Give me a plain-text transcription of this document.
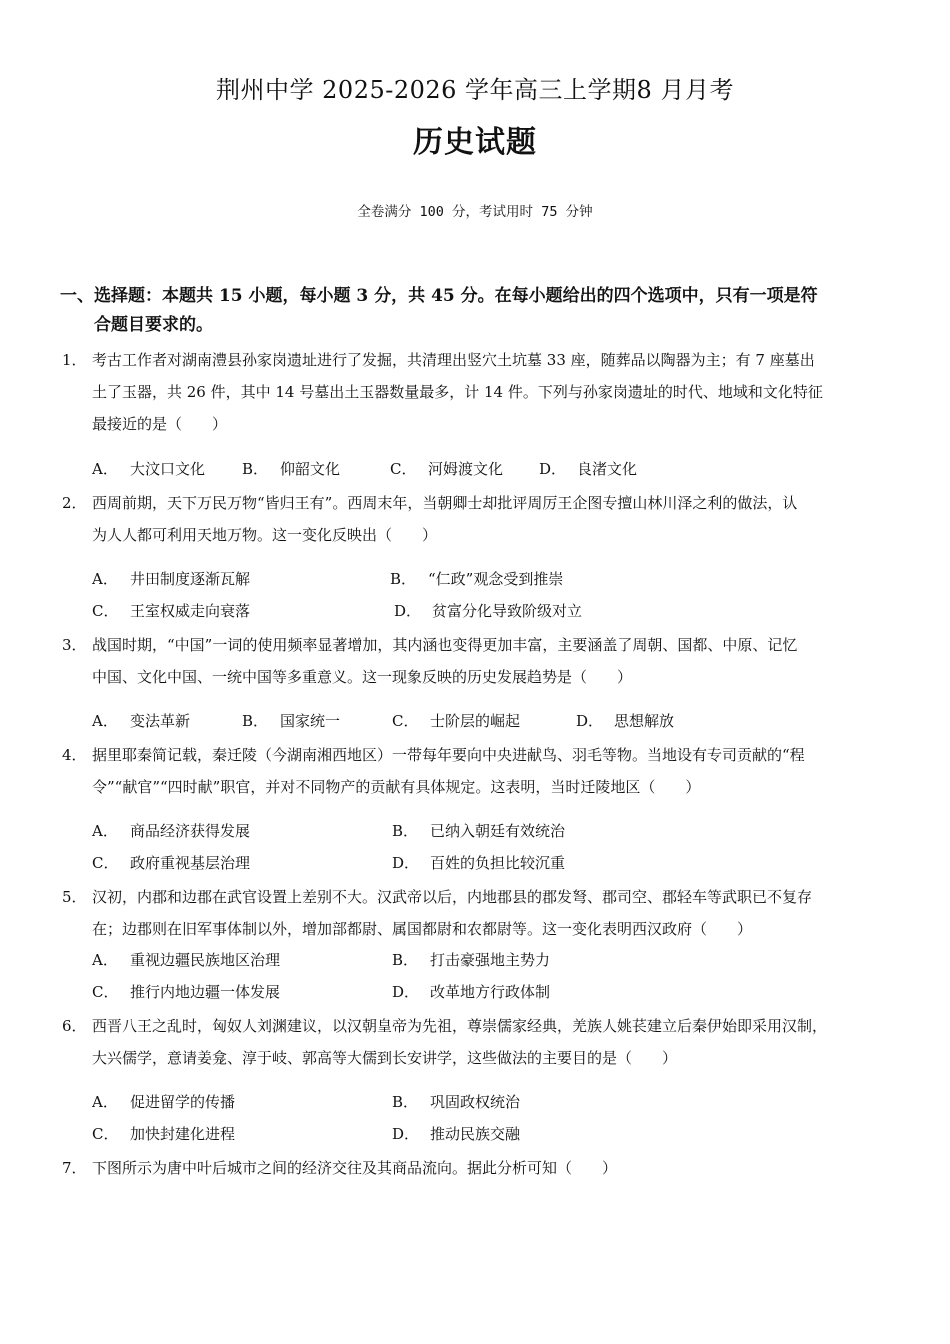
荆州中学 2025-2026 学年高三上学期8 月月考
历史试题
全卷满分 100 分，考试用时 75 分钟
一、选择题：本题共 15 小题，每小题 3 分，共 45 分。在每小题给出的四个选项中，只有一项是符
合题目要求的。
1． 考古工作者对湖南澧县孙家岗遗址进行了发掘，共清理出竖穴土坑墓 33 座，随葬品以陶器为主；有 7 座墓出
土了玉器，共 26 件，其中 14 号墓出土玉器数量最多，计 14 件。下列与孙家岗遗址的时代、地域和文化特征
最接近的是（　　）
A． 大汶口文化 B． 仰韶文化	C． 河姆渡文化 D． 良渚文化
2． 西周前期，天下万民万物“皆归王有”。西周末年，当朝卿士却批评周厉王企图专擅山林川泽之利的做法，认
为人人都可利用天地万物。这一变化反映出（　　）
A． 井田制度逐渐瓦解	B． “仁政”观念受到推崇
C． 王室权威走向衰落	D． 贫富分化导致阶级对立
3． 战国时期，“中国”一词的使用频率显著增加，其内涵也变得更加丰富，主要涵盖了周朝、国都、中原、记忆
中国、文化中国、一统中国等多重意义。这一现象反映的历史发展趋势是（　　）
A． 变法革新	B． 国家统一	C． 士阶层的崛起	D． 思想解放
4． 据里耶秦简记载，秦迁陵（今湖南湘西地区）一带每年要向中央进献鸟、羽毛等物。当地设有专司贡献的“程
令”“献官”“四时献”职官，并对不同物产的贡献有具体规定。这表明，当时迁陵地区（　　）
A． 商品经济获得发展	B． 已纳入朝廷有效统治
C． 政府重视基层治理	D． 百姓的负担比较沉重
5． 汉初，内郡和边郡在武官设置上差别不大。汉武帝以后，内地郡县的郡发弩、郡司空、郡轻车等武职已不复存
在；边郡则在旧军事体制以外，增加部都尉、属国都尉和农都尉等。这一变化表明西汉政府（　　）
A． 重视边疆民族地区治理	B． 打击豪强地主势力
C． 推行内地边疆一体发展	D． 改革地方行政体制
6． 西晋八王之乱时，匈奴人刘渊建议，以汉朝皇帝为先祖，尊崇儒家经典，羌族人姚苌建立后秦伊始即采用汉制，
大兴儒学，意请姜龛、淳于岐、郭高等大儒到长安讲学，这些做法的主要目的是（　　）
A． 促进留学的传播	B． 巩固政权统治
C． 加快封建化进程	D． 推动民族交融
7． 下图所示为唐中叶后城市之间的经济交往及其商品流向。据此分析可知（　　）
